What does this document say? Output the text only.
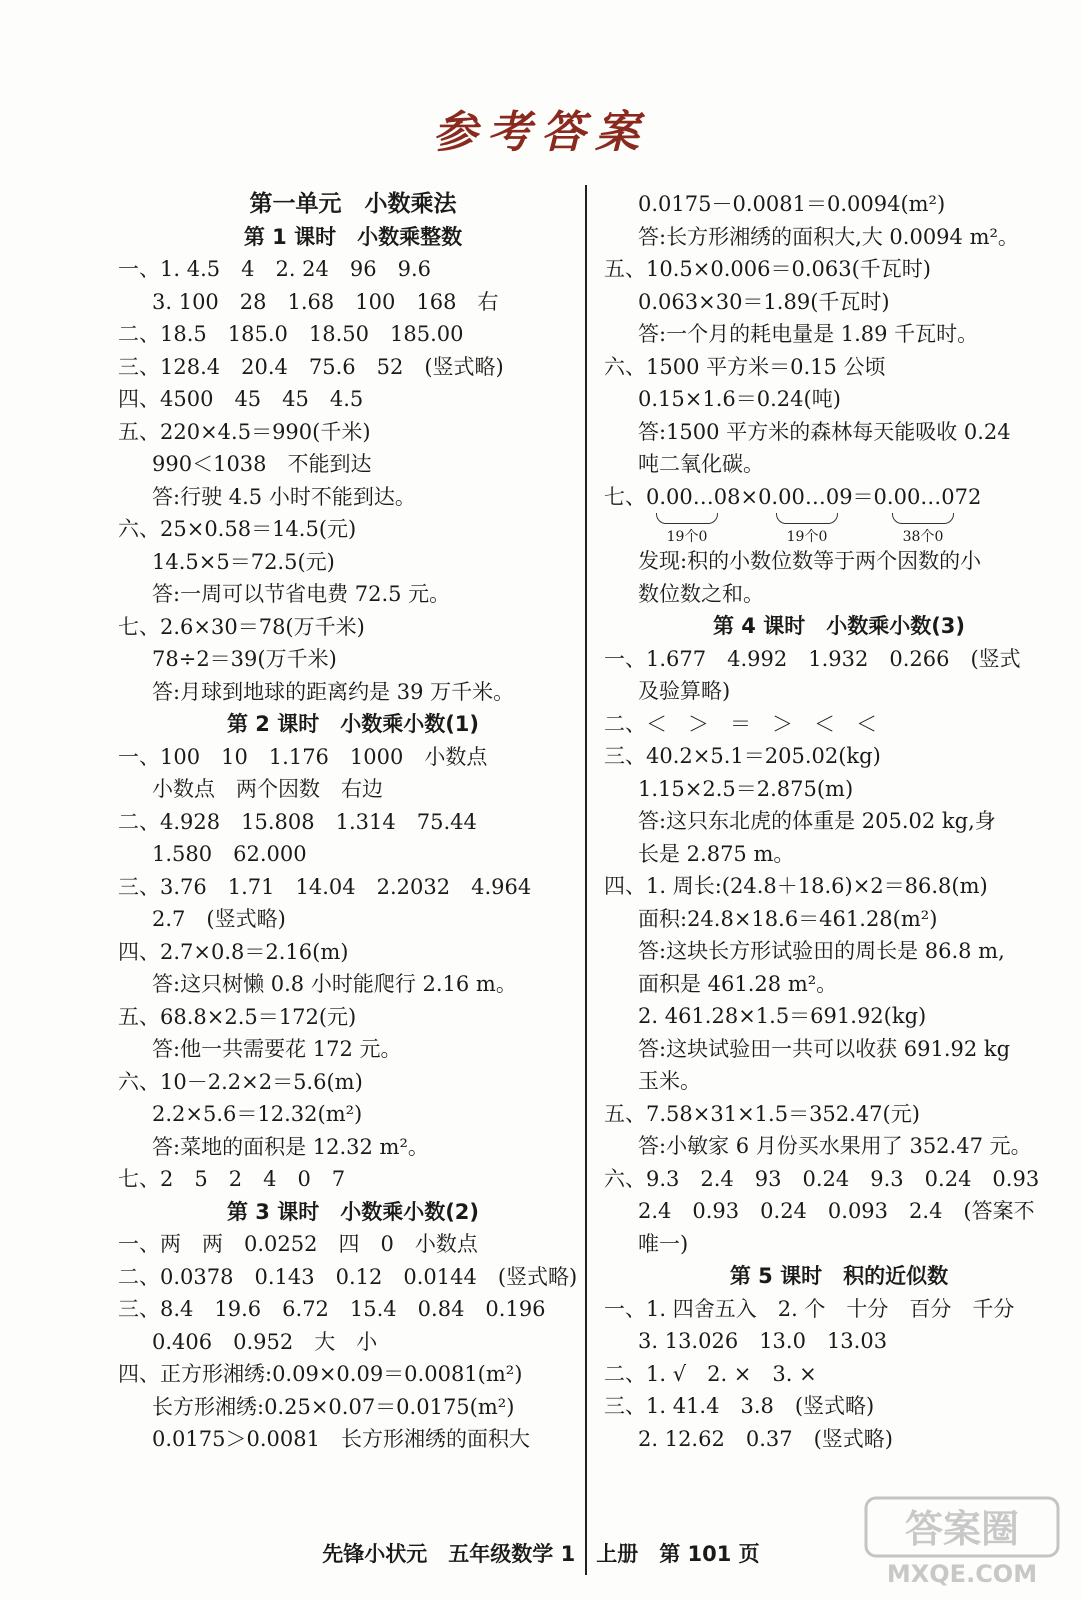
参考答案
第一单元　小数乘法
第 1 课时　小数乘整数
一、1. 4.5　4　2. 24　96　9.6
3. 100　28　1.68　100　168　右
二、18.5　185.0　18.50　185.00
三、128.4　20.4　75.6　52　(竖式略)
四、4500　45　45　4.5
五、220×4.5＝990(千米)
990＜1038　不能到达
答:行驶 4.5 小时不能到达。
六、25×0.58＝14.5(元)
14.5×5＝72.5(元)
答:一周可以节省电费 72.5 元。
七、2.6×30＝78(万千米)
78÷2＝39(万千米)
答:月球到地球的距离约是 39 万千米。
第 2 课时　小数乘小数(1)
一、100　10　1.176　1000　小数点
小数点　两个因数　右边
二、4.928　15.808　1.314　75.44
1.580　62.000
三、3.76　1.71　14.04　2.2032　4.964
2.7　(竖式略)
四、2.7×0.8＝2.16(m)
答:这只树懒 0.8 小时能爬行 2.16 m。
五、68.8×2.5＝172(元)
答:他一共需要花 172 元。
六、10－2.2×2＝5.6(m)
2.2×5.6＝12.32(m²)
答:菜地的面积是 12.32 m²。
七、2　5　2　4　0　7
第 3 课时　小数乘小数(2)
一、两　两　0.0252　四　0　小数点
二、0.0378　0.143　0.12　0.0144　(竖式略)
三、8.4　19.6　6.72　15.4　0.84　0.196
0.406　0.952　大　小
四、正方形湘绣:0.09×0.09＝0.0081(m²)
长方形湘绣:0.25×0.07＝0.0175(m²)
0.0175＞0.0081　长方形湘绣的面积大
0.0175－0.0081＝0.0094(m²)
答:长方形湘绣的面积大,大 0.0094 m²。
五、10.5×0.006＝0.063(千瓦时)
0.063×30＝1.89(千瓦时)
答:一个月的耗电量是 1.89 千瓦时。
六、1500 平方米＝0.15 公顷
0.15×1.6＝0.24(吨)
答:1500 平方米的森林每天能吸收 0.24
吨二氧化碳。
七、0.00…08×0.00…09＝0.00…072
19个0	19个0	38个0
发现:积的小数位数等于两个因数的小
数位数之和。
第 4 课时　小数乘小数(3)
一、1.677　4.992　1.932　0.266　(竖式
及验算略)
二、＜　＞　＝　＞　＜　＜
三、40.2×5.1＝205.02(kg)
1.15×2.5＝2.875(m)
答:这只东北虎的体重是 205.02 kg,身
长是 2.875 m。
四、1. 周长:(24.8＋18.6)×2＝86.8(m)
面积:24.8×18.6＝461.28(m²)
答:这块长方形试验田的周长是 86.8 m,
面积是 461.28 m²。
2. 461.28×1.5＝691.92(kg)
答:这块试验田一共可以收获 691.92 kg
玉米。
五、7.58×31×1.5＝352.47(元)
答:小敏家 6 月份买水果用了 352.47 元。
六、9.3　2.4　93　0.24　9.3　0.24　0.93
2.4　0.93　0.24　0.093　2.4　(答案不
唯一)
第 5 课时　积的近似数
一、1. 四舍五入　2. 个　十分　百分　千分
3. 13.026　13.0　13.03
二、1. √　2. ×　3. ×
三、1. 41.4　3.8　(竖式略)
2. 12.62　0.37　(竖式略)
先锋小状元　五年级数学 1　上册　第 101 页
答案圈
MXQE.COM
